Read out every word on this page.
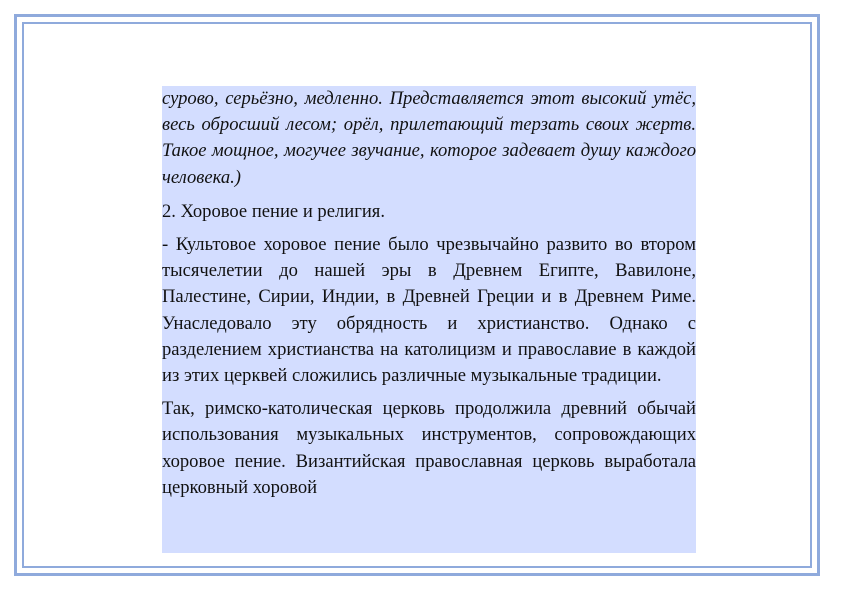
сурово, серьёзно, медленно. Представляется этот высокий утёс, весь обросший лесом; орёл, прилетающий терзать своих жертв. Такое мощное, могучее звучание, которое задевает душу каждого человека.)

2. Хоровое пение и религия.

- Культовое хоровое пение было чрезвычайно развито во втором тысячелетии до нашей эры в Древнем Египте, Вавилоне, Палестине, Сирии, Индии, в Древней Греции и в Древнем Риме. Унаследовало эту обрядность и христианство. Однако с разделением христианства на католицизм и православие в каждой из этих церквей сложились различные музыкальные традиции.

Так, римско-католическая церковь продолжила древний обычай использования музыкальных инструментов, сопровождающих хоровое пение. Византийская православная церковь выработала церковный хоровой
